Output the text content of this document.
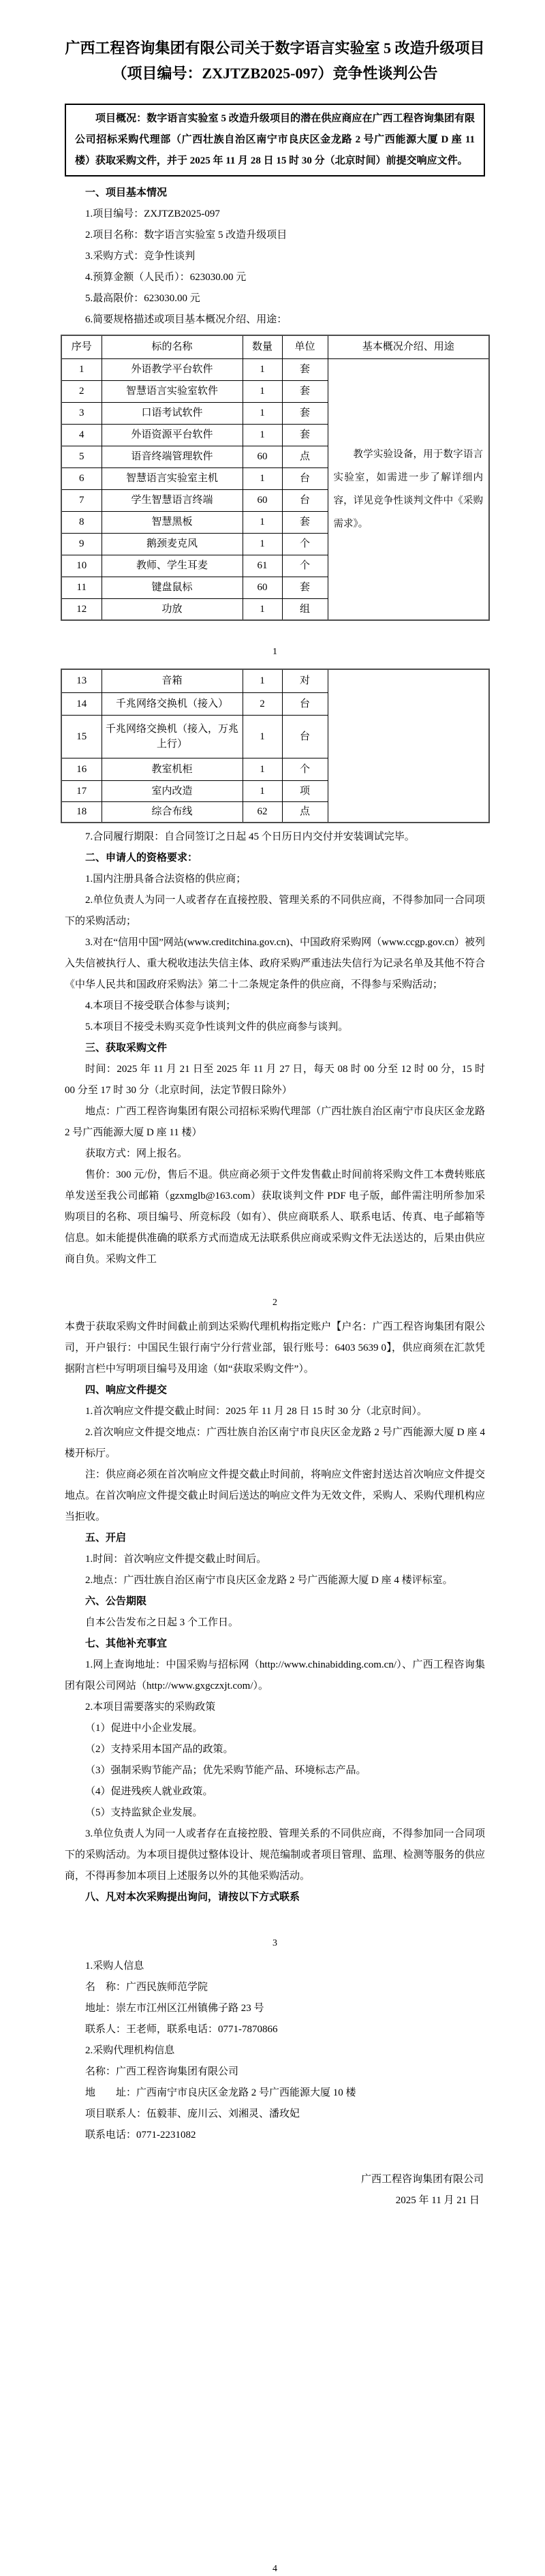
广西工程咨询集团有限公司关于数字语言实验室 5 改造升级项目
（项目编号：ZXJTZB2025-097）竞争性谈判公告

项目概况：数字语言实验室 5 改造升级项目的潜在供应商应在广西工程咨询集团有限公司招标采购代理部（广西壮族自治区南宁市良庆区金龙路 2 号广西能源大厦 D 座 11 楼）获取采购文件，并于 2025 年 11 月 28 日 15 时 30 分（北京时间）前提交响应文件。

一、项目基本情况

1.项目编号：ZXJTZB2025-097

2.项目名称：数字语言实验室 5 改造升级项目

3.采购方式：竞争性谈判

4.预算金额（人民币）：623030.00 元

5.最高限价：623030.00 元

6.简要规格描述或项目基本概况介绍、用途：

序号	标的名称	数量	单位	基本概况介绍、用途
1	外语教学平台软件	1	套	教学实验设备，用于数字语言实验室，如需进一步了解详细内容，详见竞争性谈判文件中《采购需求》。

2	智慧语言实验室软件	1	套	
3	口语考试软件	1	套	
4	外语资源平台软件	1	套	
5	语音终端管理软件	60	点	
6	智慧语言实验室主机	1	台	
7	学生智慧语言终端	60	台	
8	智慧黑板	1	套	
9	鹅颈麦克风	1	个	
10	教师、学生耳麦	61	个	
11	键盘鼠标	60	套	
12	功放	1	组	

1

13	音箱	1	对	
14	千兆网络交换机（接入）	2	台	
15	千兆网络交换机（接入，万兆上行）	1	台	
16	教室机柜	1	个	
17	室内改造	1	项	
18	综合布线	62	点	

7.合同履行期限：自合同签订之日起 45 个日历日内交付并安装调试完毕。

二、申请人的资格要求：

1.国内注册具备合法资格的供应商；

2.单位负责人为同一人或者存在直接控股、管理关系的不同供应商，不得参加同一合同项下的采购活动；

3.对在“信用中国”网站(www.creditchina.gov.cn)、中国政府采购网（www.ccgp.gov.cn）被列入失信被执行人、重大税收违法失信主体、政府采购严重违法失信行为记录名单及其他不符合《中华人民共和国政府采购法》第二十二条规定条件的供应商，不得参与采购活动；

4.本项目不接受联合体参与谈判；

5.本项目不接受未购买竞争性谈判文件的供应商参与谈判。

三、获取采购文件

时间：2025 年 11 月 21 日至 2025 年 11 月 27 日，每天 08 时 00 分至 12 时 00 分，15 时 00 分至 17 时 30 分（北京时间，法定节假日除外）

地点：广西工程咨询集团有限公司招标采购代理部（广西壮族自治区南宁市良庆区金龙路 2 号广西能源大厦 D 座 11 楼）

获取方式：网上报名。

售价：300 元/份，售后不退。供应商必须于文件发售截止时间前将采购文件工本费转账底单发送至我公司邮箱（gzxmglb@163.com）获取谈判文件 PDF 电子版，邮件需注明所参加采购项目的名称、项目编号、所竞标段（如有）、供应商联系人、联系电话、传真、电子邮箱等信息。如未能提供准确的联系方式而造成无法联系供应商或采购文件无法送达的，后果由供应商自负。采购文件工

2

本费于获取采购文件时间截止前到达采购代理机构指定账户【户名：广西工程咨询集团有限公司，开户银行：中国民生银行南宁分行营业部，银行账号：6403 5639 0】，供应商须在汇款凭据附言栏中写明项目编号及用途（如“获取采购文件”）。

四、响应文件提交

1.首次响应文件提交截止时间：2025 年 11 月 28 日 15 时 30 分（北京时间）。

2.首次响应文件提交地点：广西壮族自治区南宁市良庆区金龙路 2 号广西能源大厦 D 座 4 楼开标厅。

注：供应商必须在首次响应文件提交截止时间前，将响应文件密封送达首次响应文件提交地点。在首次响应文件提交截止时间后送达的响应文件为无效文件，采购人、采购代理机构应当拒收。

五、开启

1.时间：首次响应文件提交截止时间后。

2.地点：广西壮族自治区南宁市良庆区金龙路 2 号广西能源大厦 D 座 4 楼评标室。

六、公告期限

自本公告发布之日起 3 个工作日。

七、其他补充事宜

1.网上查询地址：中国采购与招标网（http://www.chinabidding.com.cn/）、广西工程咨询集团有限公司网站（http://www.gxgczxjt.com/）。

2.本项目需要落实的采购政策

（1）促进中小企业发展。

（2）支持采用本国产品的政策。

（3）强制采购节能产品；优先采购节能产品、环境标志产品。

（4）促进残疾人就业政策。

（5）支持监狱企业发展。

3.单位负责人为同一人或者存在直接控股、管理关系的不同供应商，不得参加同一合同项下的采购活动。为本项目提供过整体设计、规范编制或者项目管理、监理、检测等服务的供应商，不得再参加本项目上述服务以外的其他采购活动。

八、凡对本次采购提出询问，请按以下方式联系

3

1.采购人信息

名　称：广西民族师范学院

地址：崇左市江州区江州镇佛子路 23 号

联系人：王老师，联系电话：0771-7870866

2.采购代理机构信息

名称：广西工程咨询集团有限公司

地　　址：广西南宁市良庆区金龙路 2 号广西能源大厦 10 楼

项目联系人：伍毅菲、庞川云、刘湘灵、潘玫妃

联系电话：0771-2231082

广西工程咨询集团有限公司

2025 年 11 月 21 日

4
